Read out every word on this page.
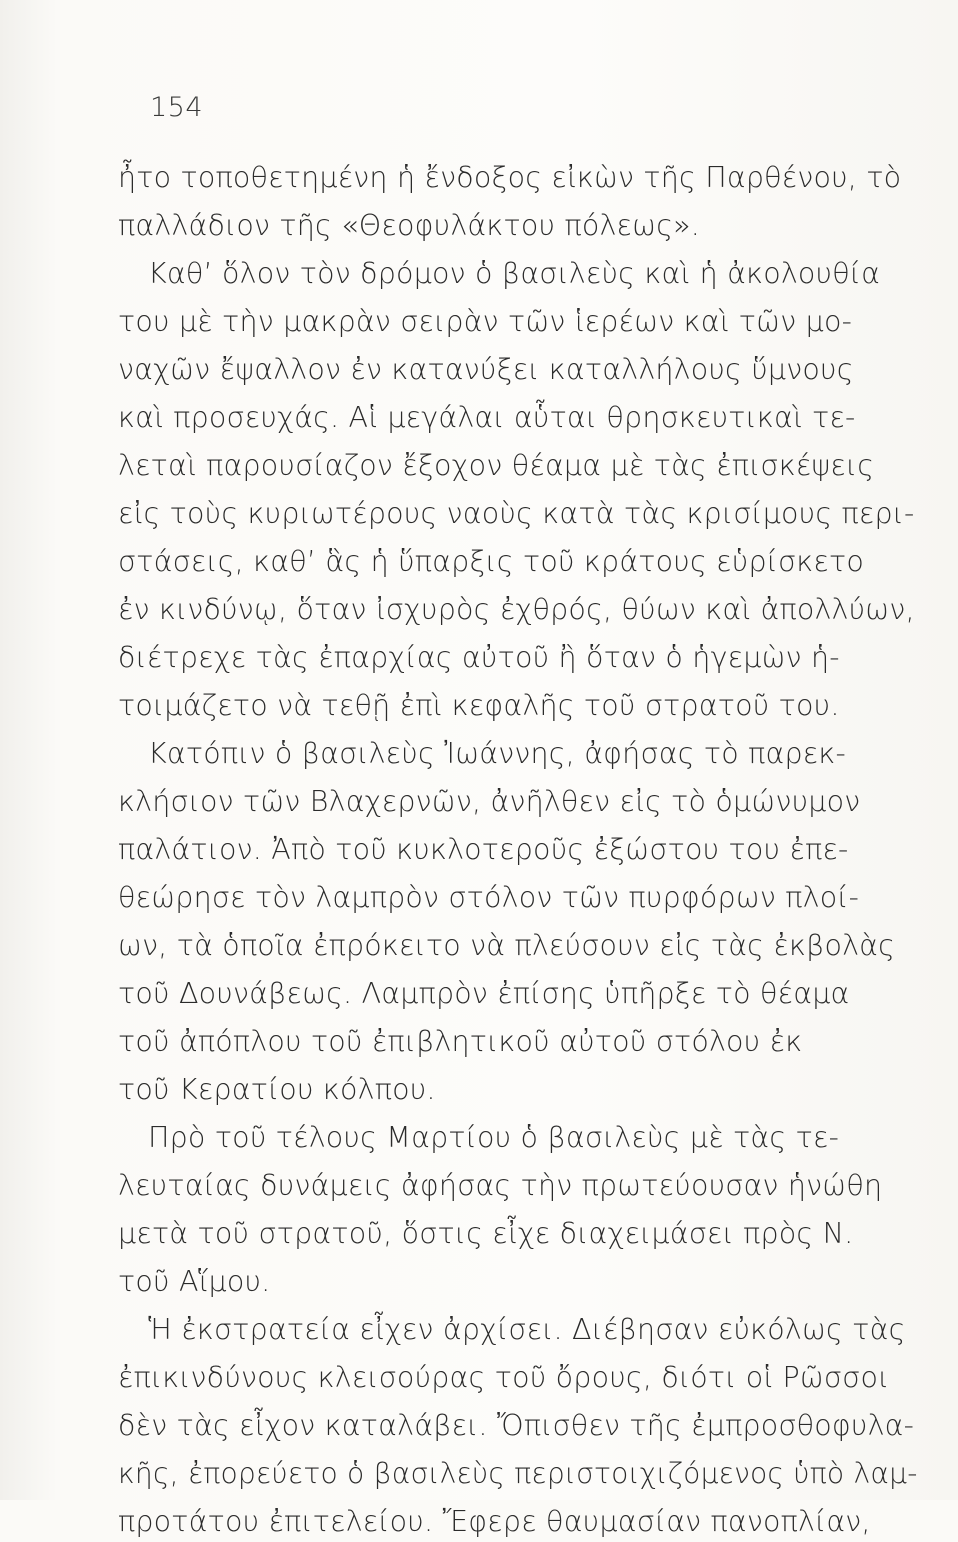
154
ἦτο τοποθετημένη ἡ ἔνδοξος εἰκὼν τῆς Παρθένου, τὸ
παλλάδιον τῆς «Θεοφυλάκτου πόλεως».
Καθ’ ὅλον τὸν δρόμον ὁ βασιλεὺς καὶ ἡ ἀκολουθία
του μὲ τὴν μακρὰν σειρὰν τῶν ἱερέων καὶ τῶν μο-
ναχῶν ἔψαλλον ἐν κατανύξει καταλλήλους ὕμνους
καὶ προσευχάς. Αἱ μεγάλαι αὗται θρησκευτικαὶ τε-
λεταὶ παρουσίαζον ἔξοχον θέαμα μὲ τὰς ἐπισκέψεις
εἰς τοὺς κυριωτέρους ναοὺς κατὰ τὰς κρισίμους περι-
στάσεις, καθ’ ἃς ἡ ὕπαρξις τοῦ κράτους εὑρίσκετο
ἐν κινδύνῳ, ὅταν ἰσχυρὸς ἐχθρός, θύων καὶ ἀπολλύων,
διέτρεχε τὰς ἐπαρχίας αὐτοῦ ἢ ὅταν ὁ ἡγεμὼν ἡ-
τοιμάζετο νὰ τεθῇ ἐπὶ κεφαλῆς τοῦ στρατοῦ του.
Κατόπιν ὁ βασιλεὺς Ἰωάννης, ἀφήσας τὸ παρεκ-
κλήσιον τῶν Βλαχερνῶν, ἀνῆλθεν εἰς τὸ ὁμώνυμον
παλάτιον. Ἀπὸ τοῦ κυκλοτεροῦς ἐξώστου του ἐπε-
θεώρησε τὸν λαμπρὸν στόλον τῶν πυρφόρων πλοί-
ων, τὰ ὁποῖα ἐπρόκειτο νὰ πλεύσουν εἰς τὰς ἐκβολὰς
τοῦ Δουνάβεως. Λαμπρὸν ἐπίσης ὑπῆρξε τὸ θέαμα
τοῦ ἀπόπλου τοῦ ἐπιβλητικοῦ αὐτοῦ στόλου ἐκ
τοῦ Κερατίου κόλπου.
Πρὸ τοῦ τέλους Μαρτίου ὁ βασιλεὺς μὲ τὰς τε-
λευταίας δυνάμεις ἀφήσας τὴν πρωτεύουσαν ἡνώθη
μετὰ τοῦ στρατοῦ, ὅστις εἶχε διαχειμάσει πρὸς Ν.
τοῦ Αἵμου.
Ἡ ἐκστρατεία εἶχεν ἀρχίσει. Διέβησαν εὐκόλως τὰς
ἐπικινδύνους κλεισούρας τοῦ ὄρους, διότι οἱ Ρῶσσοι
δὲν τὰς εἶχον καταλάβει. Ὄπισθεν τῆς ἐμπροσθοφυλα-
κῆς, ἐπορεύετο ὁ βασιλεὺς περιστοιχιζόμενος ὑπὸ λαμ-
προτάτου ἐπιτελείου. Ἔφερε θαυμασίαν πανοπλίαν,
